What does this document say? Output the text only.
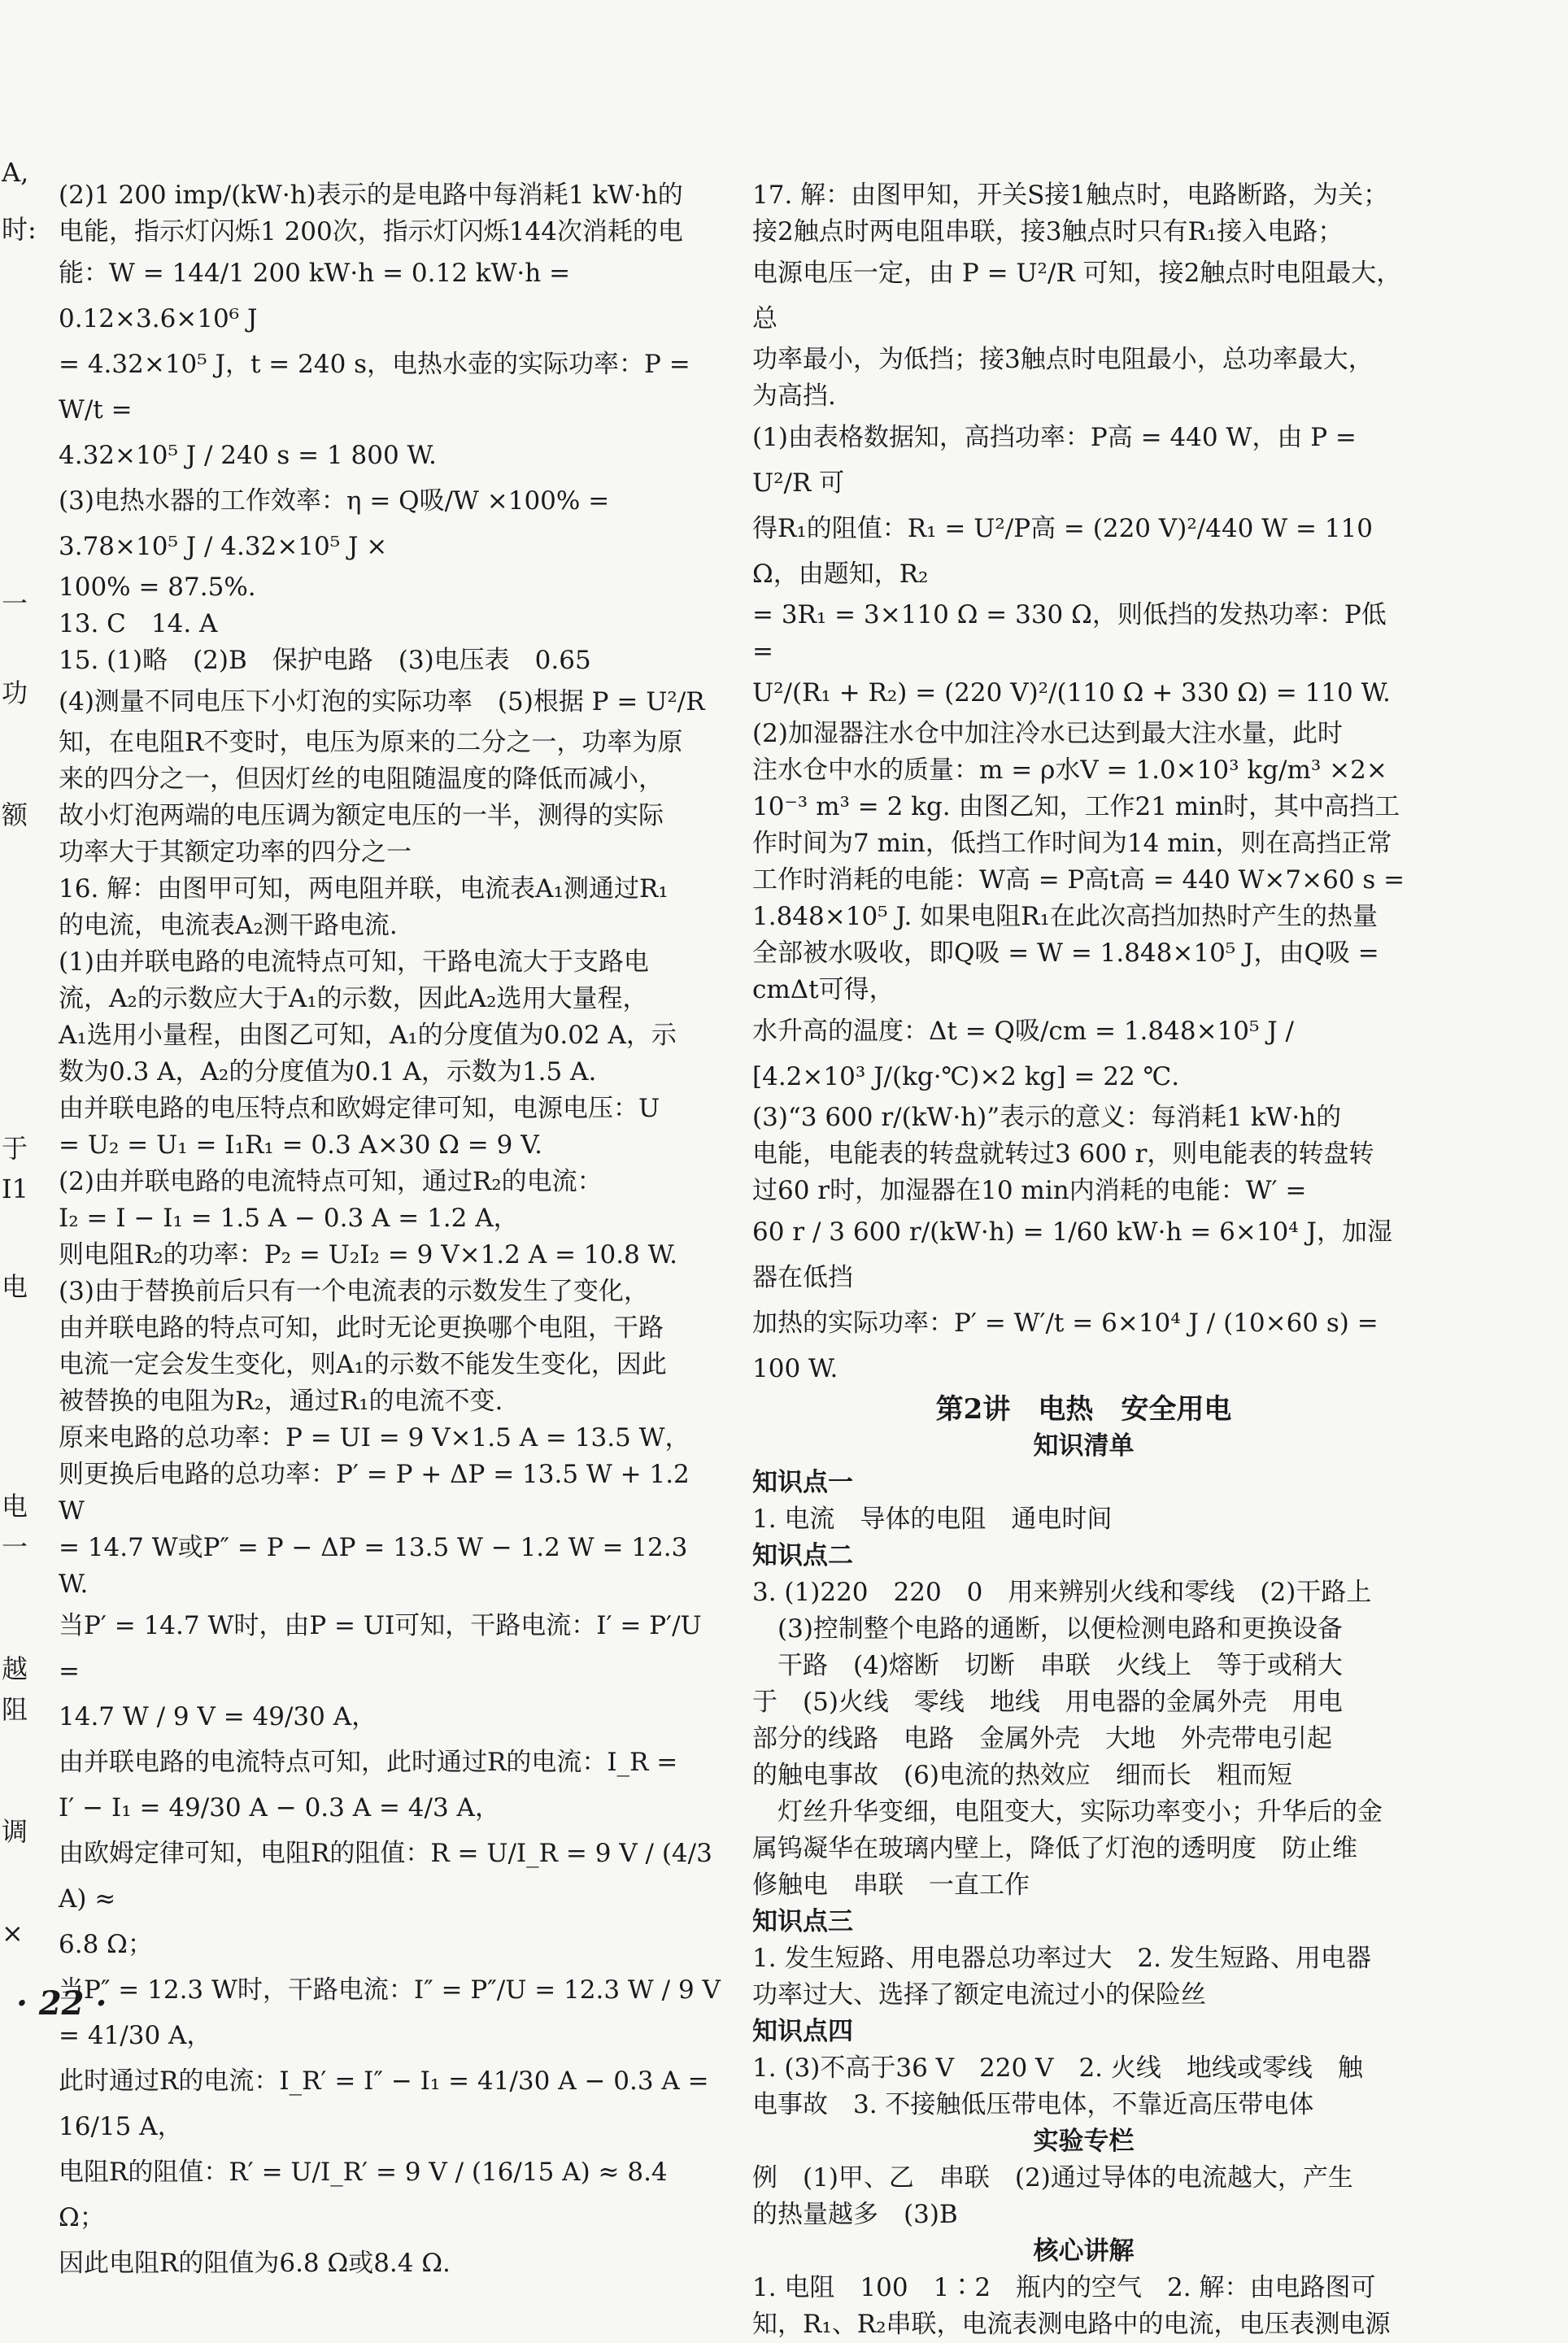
A,
时:
一
功
额
于
I1
电
电
一
越
阻
调
×

(2)1 200 imp/(kW·h)表示的是电路中每消耗1 kW·h的

电能，指示灯闪烁1 200次，指示灯闪烁144次消耗的电

能：W = 144/1 200 kW·h = 0.12 kW·h = 0.12×3.6×10⁶ J

= 4.32×10⁵ J，t = 240 s，电热水壶的实际功率：P = W/t =

4.32×10⁵ J / 240 s = 1 800 W.

(3)电热水器的工作效率：η = Q吸/W ×100% = 3.78×10⁵ J / 4.32×10⁵ J ×

100% = 87.5%.

13. C　14. A

15. (1)略　(2)B　保护电路　(3)电压表　0.65

(4)测量不同电压下小灯泡的实际功率　(5)根据 P = U²/R

知，在电阻R不变时，电压为原来的二分之一，功率为原

来的四分之一，但因灯丝的电阻随温度的降低而减小，

故小灯泡两端的电压调为额定电压的一半，测得的实际

功率大于其额定功率的四分之一

16. 解：由图甲可知，两电阻并联，电流表A₁测通过R₁

的电流，电流表A₂测干路电流.

(1)由并联电路的电流特点可知，干路电流大于支路电

流，A₂的示数应大于A₁的示数，因此A₂选用大量程，

A₁选用小量程，由图乙可知，A₁的分度值为0.02 A，示

数为0.3 A，A₂的分度值为0.1 A，示数为1.5 A.

由并联电路的电压特点和欧姆定律可知，电源电压：U

= U₂ = U₁ = I₁R₁ = 0.3 A×30 Ω = 9 V.

(2)由并联电路的电流特点可知，通过R₂的电流：

I₂ = I − I₁ = 1.5 A − 0.3 A = 1.2 A，

则电阻R₂的功率：P₂ = U₂I₂ = 9 V×1.2 A = 10.8 W.

(3)由于替换前后只有一个电流表的示数发生了变化，

由并联电路的特点可知，此时无论更换哪个电阻，干路

电流一定会发生变化，则A₁的示数不能发生变化，因此

被替换的电阻为R₂，通过R₁的电流不变.

原来电路的总功率：P = UI = 9 V×1.5 A = 13.5 W，

则更换后电路的总功率：P′ = P + ΔP = 13.5 W + 1.2 W

= 14.7 W或P″ = P − ΔP = 13.5 W − 1.2 W = 12.3 W.

当P′ = 14.7 W时，由P = UI可知，干路电流：I′ = P′/U =

14.7 W / 9 V = 49/30 A，

由并联电路的电流特点可知，此时通过R的电流：I_R =

I′ − I₁ = 49/30 A − 0.3 A = 4/3 A，

由欧姆定律可知，电阻R的阻值：R = U/I_R = 9 V / (4/3 A) ≈

6.8 Ω；

当P″ = 12.3 W时，干路电流：I″ = P″/U = 12.3 W / 9 V = 41/30 A，

此时通过R的电流：I_R′ = I″ − I₁ = 41/30 A − 0.3 A = 16/15 A，

电阻R的阻值：R′ = U/I_R′ = 9 V / (16/15 A) ≈ 8.4 Ω；

因此电阻R的阻值为6.8 Ω或8.4 Ω.

17. 解：由图甲知，开关S接1触点时，电路断路，为关；

接2触点时两电阻串联，接3触点时只有R₁接入电路；

电源电压一定，由 P = U²/R 可知，接2触点时电阻最大，总

功率最小，为低挡；接3触点时电阻最小，总功率最大，

为高挡.

(1)由表格数据知，高挡功率：P高 = 440 W，由 P = U²/R 可

得R₁的阻值：R₁ = U²/P高 = (220 V)²/440 W = 110 Ω，由题知，R₂

= 3R₁ = 3×110 Ω = 330 Ω，则低挡的发热功率：P低 =

U²/(R₁ + R₂) = (220 V)²/(110 Ω + 330 Ω) = 110 W.

(2)加湿器注水仓中加注冷水已达到最大注水量，此时

注水仓中水的质量：m = ρ水V = 1.0×10³ kg/m³ ×2×

10⁻³ m³ = 2 kg. 由图乙知，工作21 min时，其中高挡工

作时间为7 min，低挡工作时间为14 min，则在高挡正常

工作时消耗的电能：W高 = P高t高 = 440 W×7×60 s =

1.848×10⁵ J. 如果电阻R₁在此次高挡加热时产生的热量

全部被水吸收，即Q吸 = W = 1.848×10⁵ J，由Q吸 = cmΔt可得，

水升高的温度：Δt = Q吸/cm = 1.848×10⁵ J / [4.2×10³ J/(kg·℃)×2 kg] = 22 ℃.

(3)“3 600 r/(kW·h)”表示的意义：每消耗1 kW·h的

电能，电能表的转盘就转过3 600 r，则电能表的转盘转

过60 r时，加湿器在10 min内消耗的电能：W′ =

60 r / 3 600 r/(kW·h) = 1/60 kW·h = 6×10⁴ J，加湿器在低挡

加热的实际功率：P′ = W′/t = 6×10⁴ J / (10×60 s) = 100 W.

第2讲　电热　安全用电

知识清单

知识点一

1. 电流　导体的电阻　通电时间

知识点二

3. (1)220　220　0　用来辨别火线和零线　(2)干路上

(3)控制整个电路的通断，以便检测电路和更换设备

干路　(4)熔断　切断　串联　火线上　等于或稍大

于　(5)火线　零线　地线　用电器的金属外壳　用电

部分的线路　电路　金属外壳　大地　外壳带电引起

的触电事故　(6)电流的热效应　细而长　粗而短

灯丝升华变细，电阻变大，实际功率变小；升华后的金

属钨凝华在玻璃内壁上，降低了灯泡的透明度　防止维

修触电　串联　一直工作

知识点三

1. 发生短路、用电器总功率过大　2. 发生短路、用电器

功率过大、选择了额定电流过小的保险丝

知识点四

1. (3)不高于36 V　220 V　2. 火线　地线或零线　触

电事故　3. 不接触低压带电体，不靠近高压带电体

实验专栏

例　(1)甲、乙　串联　(2)通过导体的电流越大，产生

的热量越多　(3)B

核心讲解

1. 电阻　100　1∶2　瓶内的空气　2. 解：由电路图可

知，R₁、R₂串联，电流表测电路中的电流，电压表测电源

· 22 ·
